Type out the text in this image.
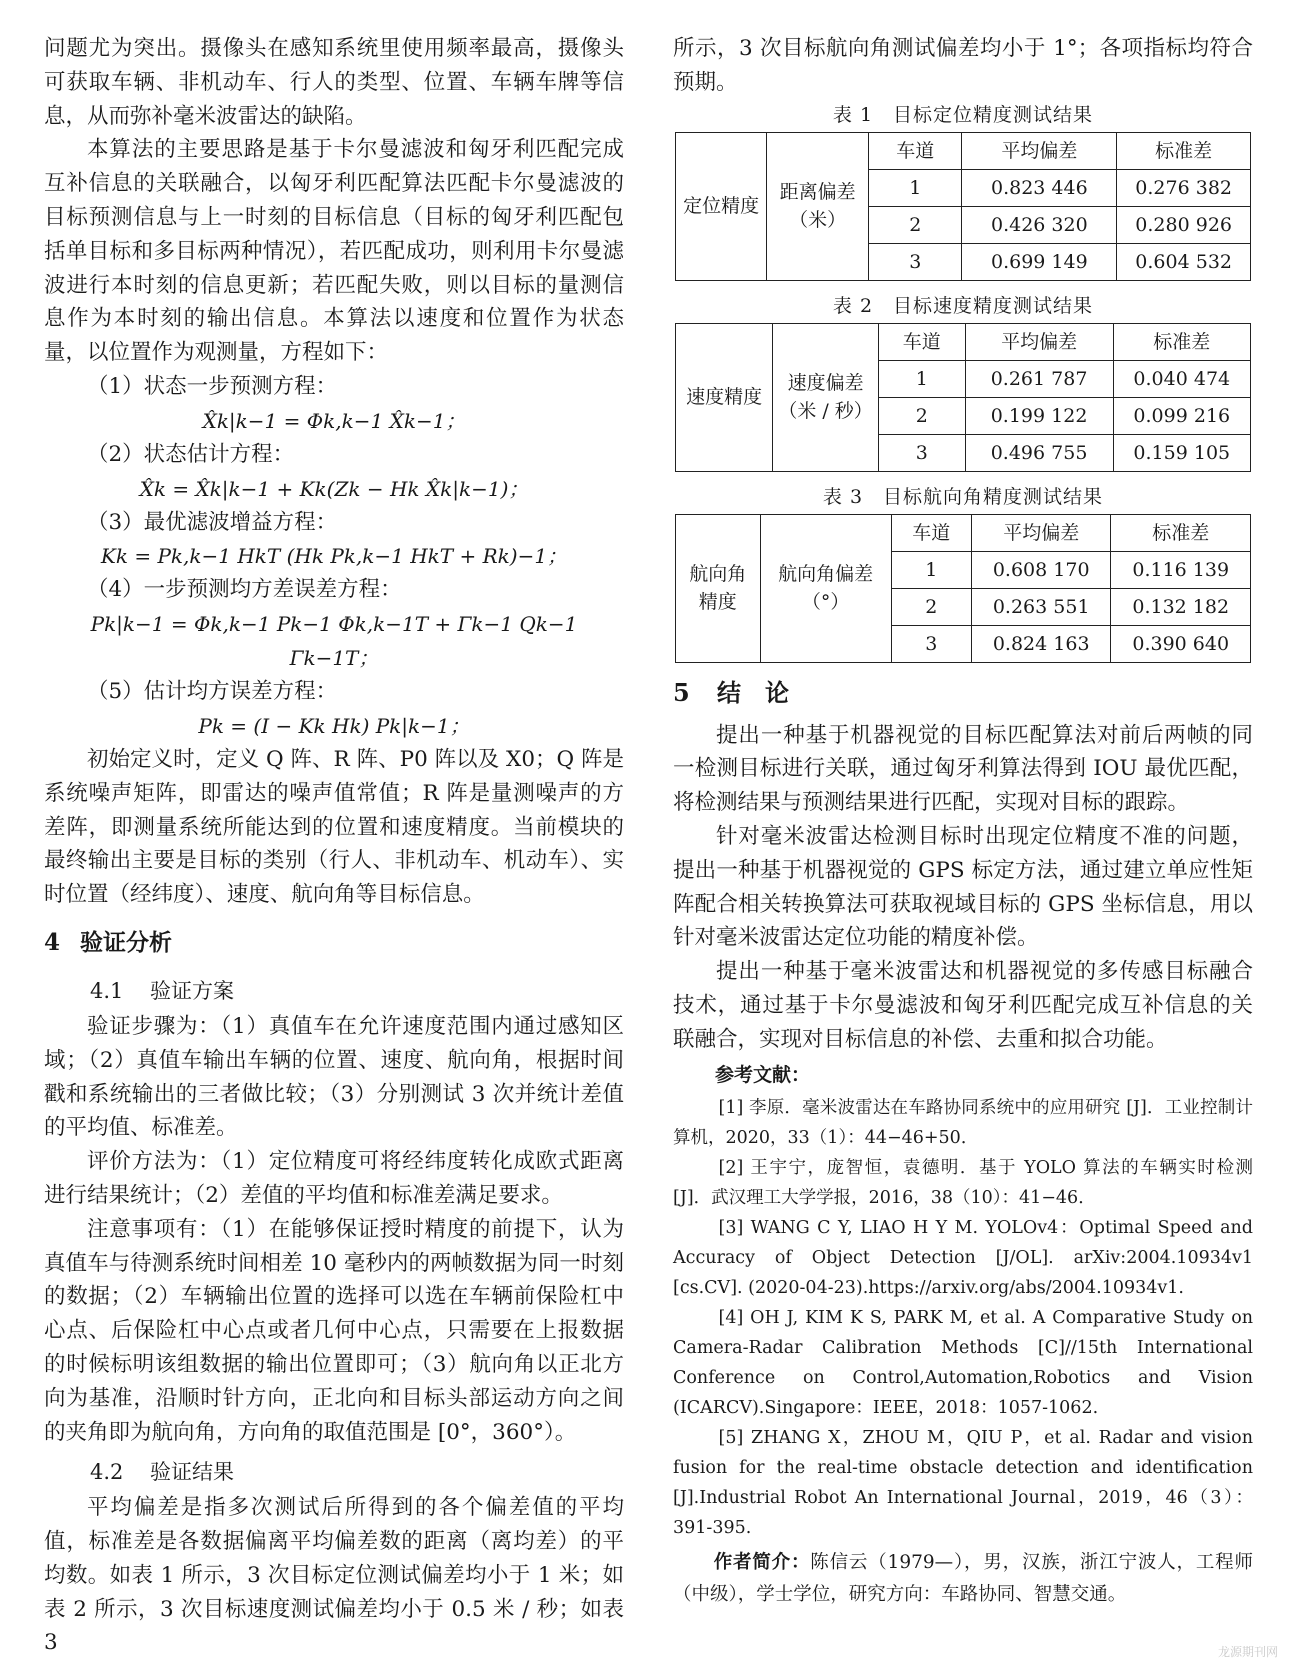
问题尤为突出。摄像头在感知系统里使用频率最高，摄像头可获取车辆、非机动车、行人的类型、位置、车辆车牌等信息，从而弥补毫米波雷达的缺陷。

本算法的主要思路是基于卡尔曼滤波和匈牙利匹配完成互补信息的关联融合，以匈牙利匹配算法匹配卡尔曼滤波的目标预测信息与上一时刻的目标信息（目标的匈牙利匹配包括单目标和多目标两种情况），若匹配成功，则利用卡尔曼滤波进行本时刻的信息更新；若匹配失败，则以目标的量测信息作为本时刻的输出信息。本算法以速度和位置作为状态量，以位置作为观测量，方程如下：

（1）状态一步预测方程：

X̂k|k−1 = Φk,k−1 X̂k−1；

（2）状态估计方程：

X̂k = X̂k|k−1 + Kk(Zk − Hk X̂k|k−1)；

（3）最优滤波增益方程：

Kk = Pk,k−1 HkT (Hk Pk,k−1 HkT + Rk)−1；

（4）一步预测均方差误差方程：

Pk|k−1 = Φk,k−1 Pk−1 Φk,k−1T + Γk−1 Qk−1 Γk−1T；

（5）估计均方误差方程：

Pk = (I − Kk Hk) Pk|k−1；

初始定义时，定义 Q 阵、R 阵、P0 阵以及 X0；Q 阵是系统噪声矩阵，即雷达的噪声值常值；R 阵是量测噪声的方差阵，即测量系统所能达到的位置和速度精度。当前模块的最终输出主要是目标的类别（行人、非机动车、机动车）、实时位置（经纬度）、速度、航向角等目标信息。

4 验证分析
4.1 验证方案

验证步骤为：（1）真值车在允许速度范围内通过感知区域；（2）真值车输出车辆的位置、速度、航向角，根据时间戳和系统输出的三者做比较；（3）分别测试 3 次并统计差值的平均值、标准差。

评价方法为：（1）定位精度可将经纬度转化成欧式距离进行结果统计；（2）差值的平均值和标准差满足要求。

注意事项有：（1）在能够保证授时精度的前提下，认为真值车与待测系统时间相差 10 毫秒内的两帧数据为同一时刻的数据；（2）车辆输出位置的选择可以选在车辆前保险杠中心点、后保险杠中心点或者几何中心点，只需要在上报数据的时候标明该组数据的输出位置即可；（3）航向角以正北方向为基准，沿顺时针方向，正北向和目标头部运动方向之间的夹角即为航向角，方向角的取值范围是 [0°，360°）。

4.2 验证结果

平均偏差是指多次测试后所得到的各个偏差值的平均值，标准差是各数据偏离平均偏差数的距离（离均差）的平均数。如表 1 所示，3 次目标定位测试偏差均小于 1 米；如表 2 所示，3 次目标速度测试偏差均小于 0.5 米 / 秒；如表 3

所示，3 次目标航向角测试偏差均小于 1°；各项指标均符合预期。

表 1　目标定位精度测试结果

定位精度	距离偏差（米）	车道	平均偏差	标准差
		1	0.823 446	0.276 382
		2	0.426 320	0.280 926
		3	0.699 149	0.604 532

表 2　目标速度精度测试结果

速度精度	速度偏差（米 / 秒）	车道	平均偏差	标准差
		1	0.261 787	0.040 474
		2	0.199 122	0.099 216
		3	0.496 755	0.159 105

表 3　目标航向角精度测试结果

航向角精度	航向角偏差（°）	车道	平均偏差	标准差
		1	0.608 170	0.116 139
		2	0.263 551	0.132 182
		3	0.824 163	0.390 640
5 结　论

提出一种基于机器视觉的目标匹配算法对前后两帧的同一检测目标进行关联，通过匈牙利算法得到 IOU 最优匹配，将检测结果与预测结果进行匹配，实现对目标的跟踪。

针对毫米波雷达检测目标时出现定位精度不准的问题，提出一种基于机器视觉的 GPS 标定方法，通过建立单应性矩阵配合相关转换算法可获取视域目标的 GPS 坐标信息，用以针对毫米波雷达定位功能的精度补偿。

提出一种基于毫米波雷达和机器视觉的多传感目标融合技术，通过基于卡尔曼滤波和匈牙利匹配完成互补信息的关联融合，实现对目标信息的补偿、去重和拟合功能。

参考文献：

[1] 李原．毫米波雷达在车路协同系统中的应用研究 [J]．工业控制计算机，2020，33（1）：44−46+50．

[2] 王宇宁，庞智恒，袁德明．基于 YOLO 算法的车辆实时检测 [J]．武汉理工大学学报，2016，38（10）：41−46．

[3] WANG C Y, LIAO H Y M. YOLOv4：Optimal Speed and Accuracy of Object Detection [J/OL]. arXiv:2004.10934v1 [cs.CV]. (2020-04-23).https://arxiv.org/abs/2004.10934v1.

[4] OH J, KIM K S, PARK M, et al. A Comparative Study on Camera-Radar Calibration Methods [C]//15th International Conference on Control,Automation,Robotics and Vision (ICARCV).Singapore：IEEE，2018：1057-1062.

[5] ZHANG X，ZHOU M，QIU P，et al. Radar and vision fusion for the real-time obstacle detection and identification [J].Industrial Robot An International Journal，2019，46（3）：391-395.

作者简介：陈信云（1979—），男，汉族，浙江宁波人，工程师（中级），学士学位，研究方向：车路协同、智慧交通。

龙源期刊网
